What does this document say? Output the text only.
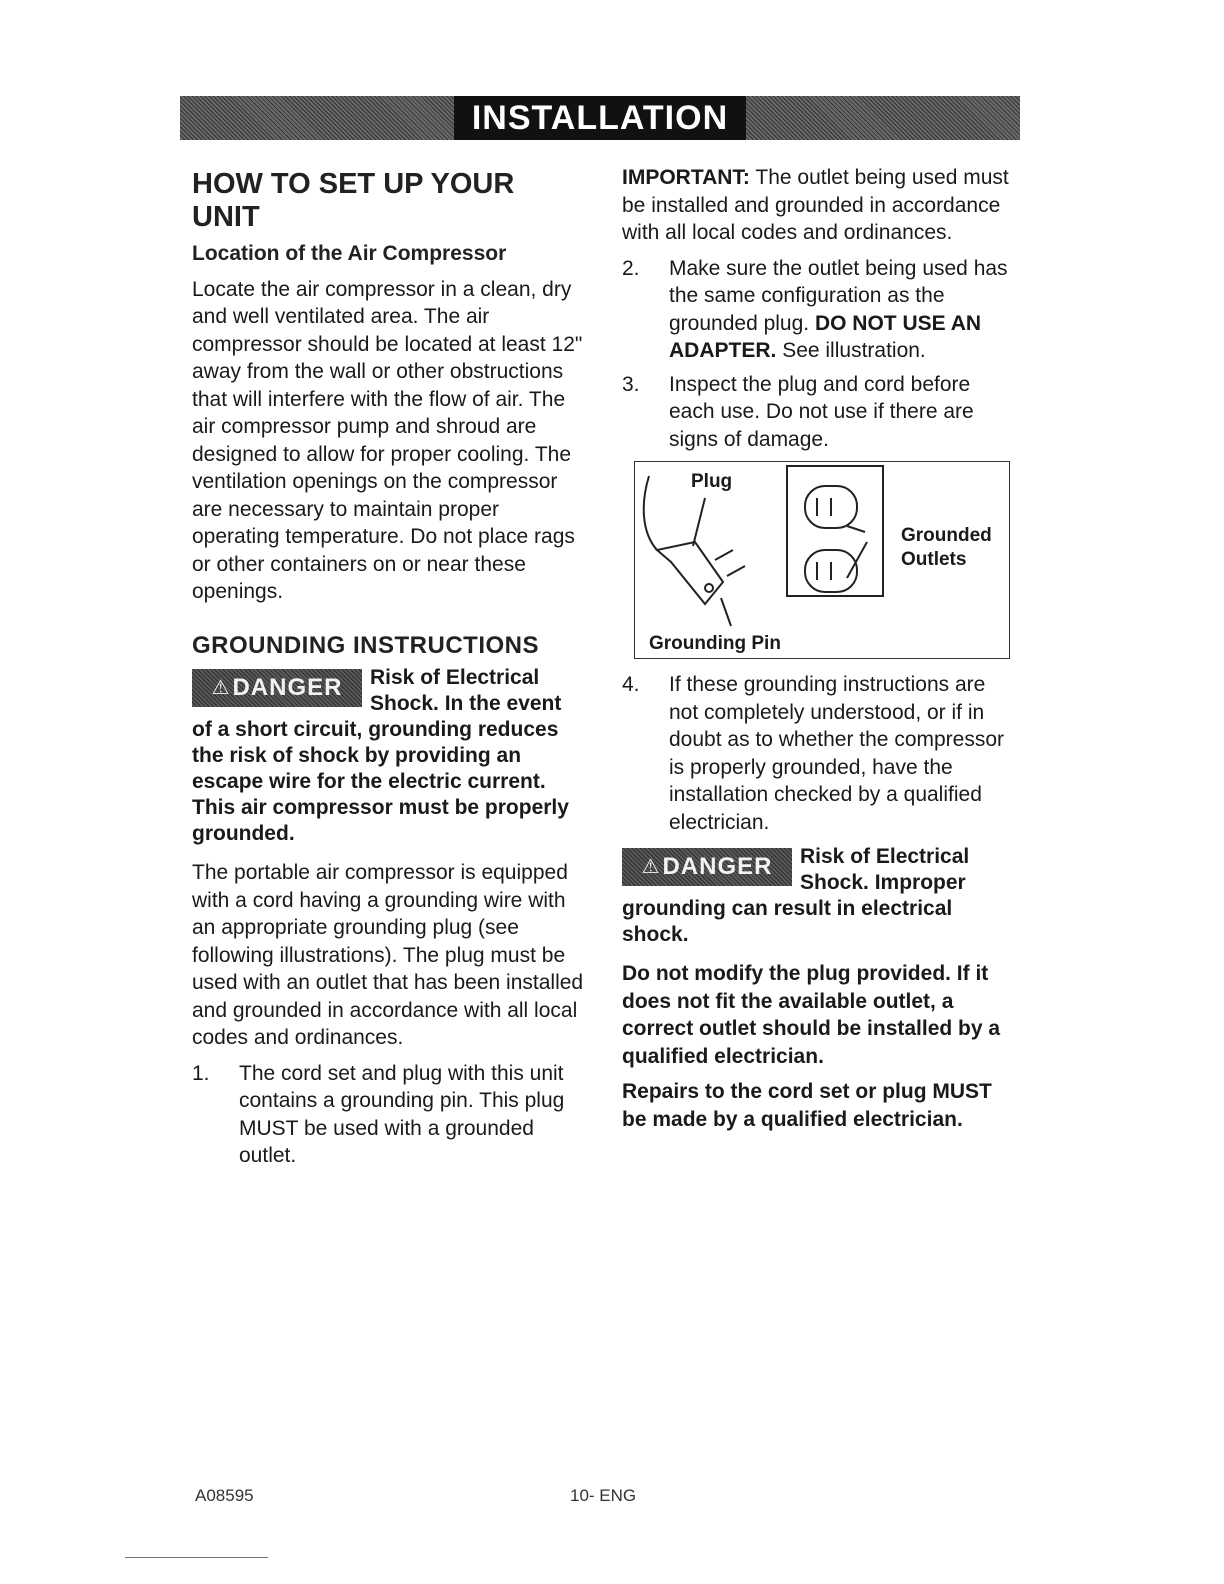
INSTALLATION
HOW TO SET UP YOUR UNIT
Location of the Air Compressor

Locate the air compressor in a clean, dry and well ventilated area. The air compressor should be located at least 12" away from the wall or other obstructions that will interfere with the flow of air. The air compressor pump and shroud are designed to allow for proper cooling. The ventilation openings on the compressor are necessary to maintain proper operating temperature. Do not place rags or other containers on or near these openings.

GROUNDING INSTRUCTIONS
⚠ DANGER Risk of Electrical Shock. In the event of a short circuit, grounding reduces the risk of shock by providing an escape wire for the electric current. This air compressor must be properly grounded.

The portable air compressor is equipped with a cord having a grounding wire with an appropriate grounding plug (see following illustrations). The plug must be used with an outlet that has been installed and grounded in accordance with all local codes and ordinances.

1. The cord set and plug with this unit contains a grounding pin. This plug MUST be used with a grounded outlet.

IMPORTANT: The outlet being used must be installed and grounded in accordance with all local codes and ordinances.

2. Make sure the outlet being used has the same configuration as the grounded plug. DO NOT USE AN ADAPTER. See illustration.
3. Inspect the plug and cord before each use. Do not use if there are signs of damage.
Plug
Grounded
Outlets
Grounding Pin
4. If these grounding instructions are not completely understood, or if in doubt as to whether the compressor is properly grounded, have the installation checked by a qualified electrician.
⚠ DANGER Risk of Electrical Shock. Improper grounding can result in electrical shock.

Do not modify the plug provided. If it does not fit the available outlet, a correct outlet should be installed by a qualified electrician.

Repairs to the cord set or plug MUST be made by a qualified electrician.

A08595	10- ENG
